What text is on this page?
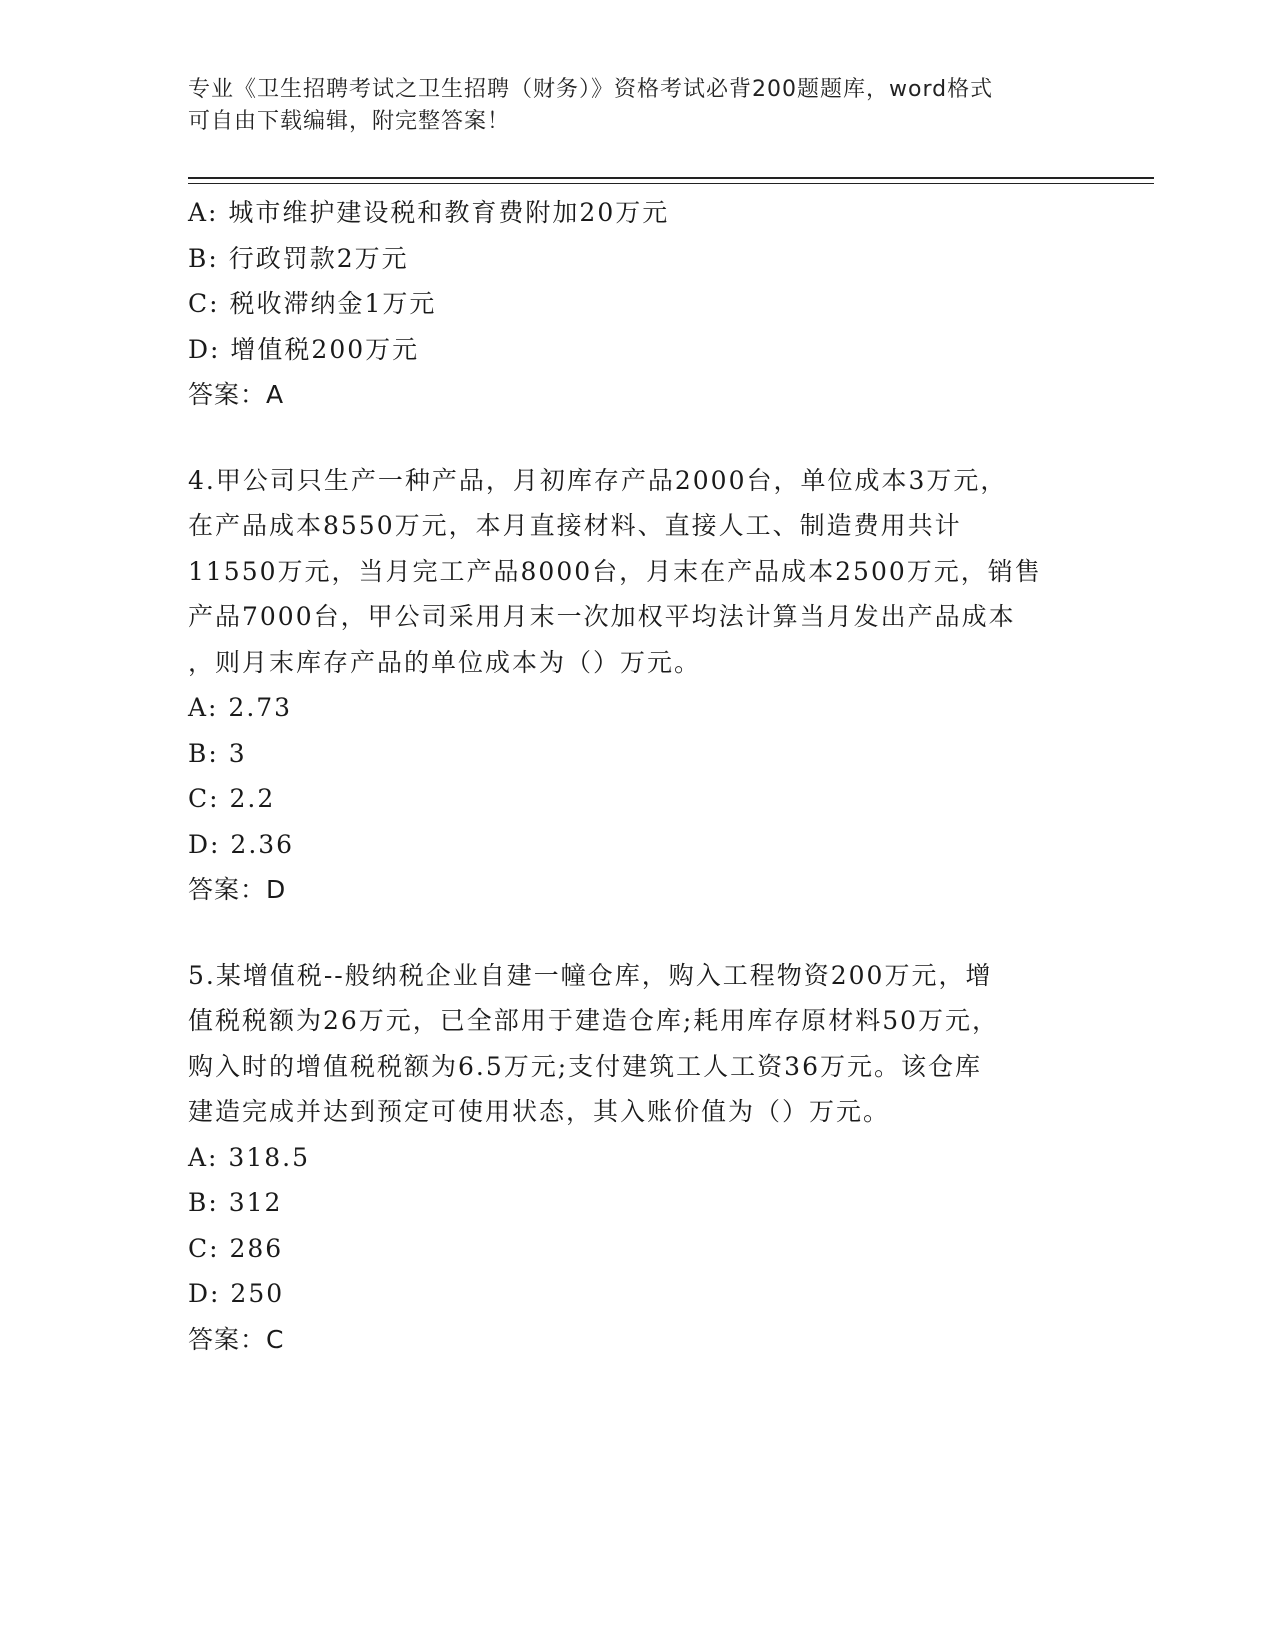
专业《卫生招聘考试之卫生招聘（财务）》资格考试必背200题题库，word格式
可自由下载编辑，附完整答案！
A: 城市维护建设税和教育费附加20万元
B: 行政罚款2万元
C: 税收滞纳金1万元
D: 增值税200万元
答案：A
4.甲公司只生产一种产品，月初库存产品2000台，单位成本3万元，
在产品成本8550万元，本月直接材料、直接人工、制造费用共计
11550万元，当月完工产品8000台，月末在产品成本2500万元，销售
产品7000台，甲公司采用月末一次加权平均法计算当月发出产品成本
，则月末库存产品的单位成本为（）万元。
A: 2.73
B: 3
C: 2.2
D: 2.36
答案：D
5.某增值税--般纳税企业自建一幢仓库，购入工程物资200万元，增
值税税额为26万元，已全部用于建造仓库;耗用库存原材料50万元，
购入时的增值税税额为6.5万元;支付建筑工人工资36万元。该仓库
建造完成并达到预定可使用状态，其入账价值为（）万元。
A: 318.5
B: 312
C: 286
D: 250
答案：C
